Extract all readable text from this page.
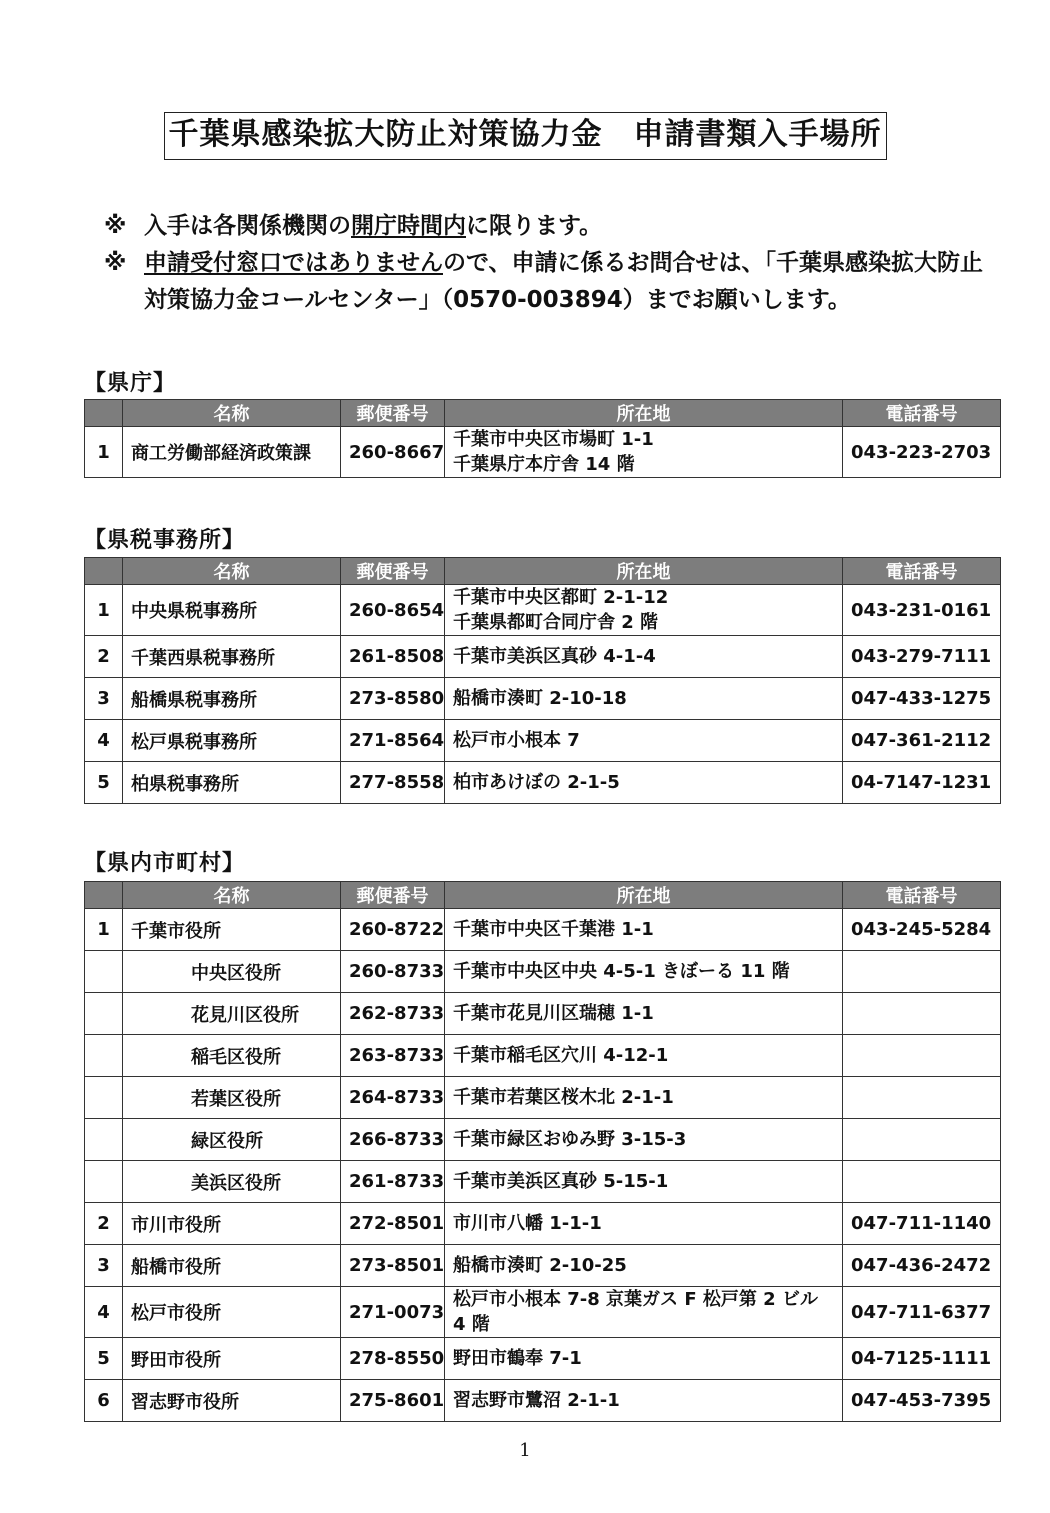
千葉県感染拡大防止対策協力金　申請書類入手場所
※ 入手は各関係機関の開庁時間内に限ります。
※ 申請受付窓口ではありませんので、申請に係るお問合せは、「千葉県感染拡大防止対策協力金コールセンター」（0570-003894）までお願いします。
【県庁】
	名称	郵便番号	所在地	電話番号
1	商工労働部経済政策課	260-8667	千葉市中央区市場町 1-1
千葉県庁本庁舎 14 階	043-223-2703
【県税事務所】
	名称	郵便番号	所在地	電話番号
1	中央県税事務所	260-8654	千葉市中央区都町 2-1-12
千葉県都町合同庁舎 2 階	043-231-0161
2	千葉西県税事務所	261-8508	千葉市美浜区真砂 4-1-4	043-279-7111
3	船橋県税事務所	273-8580	船橋市湊町 2-10-18	047-433-1275
4	松戸県税事務所	271-8564	松戸市小根本 7	047-361-2112
5	柏県税事務所	277-8558	柏市あけぼの 2-1-5	04-7147-1231
【県内市町村】
	名称	郵便番号	所在地	電話番号
1	千葉市役所	260-8722	千葉市中央区千葉港 1-1	043-245-5284
	中央区役所	260-8733	千葉市中央区中央 4-5-1 きぼーる 11 階	
	花見川区役所	262-8733	千葉市花見川区瑞穂 1-1	
	稲毛区役所	263-8733	千葉市稲毛区穴川 4-12-1	
	若葉区役所	264-8733	千葉市若葉区桜木北 2-1-1	
	緑区役所	266-8733	千葉市緑区おゆみ野 3-15-3	
	美浜区役所	261-8733	千葉市美浜区真砂 5-15-1	
2	市川市役所	272-8501	市川市八幡 1-1-1	047-711-1140
3	船橋市役所	273-8501	船橋市湊町 2-10-25	047-436-2472
4	松戸市役所	271-0073	松戸市小根本 7-8 京葉ガス F 松戸第 2 ビル
4 階	047-711-6377
5	野田市役所	278-8550	野田市鶴奉 7-1	04-7125-1111
6	習志野市役所	275-8601	習志野市鷺沼 2-1-1	047-453-7395
1
